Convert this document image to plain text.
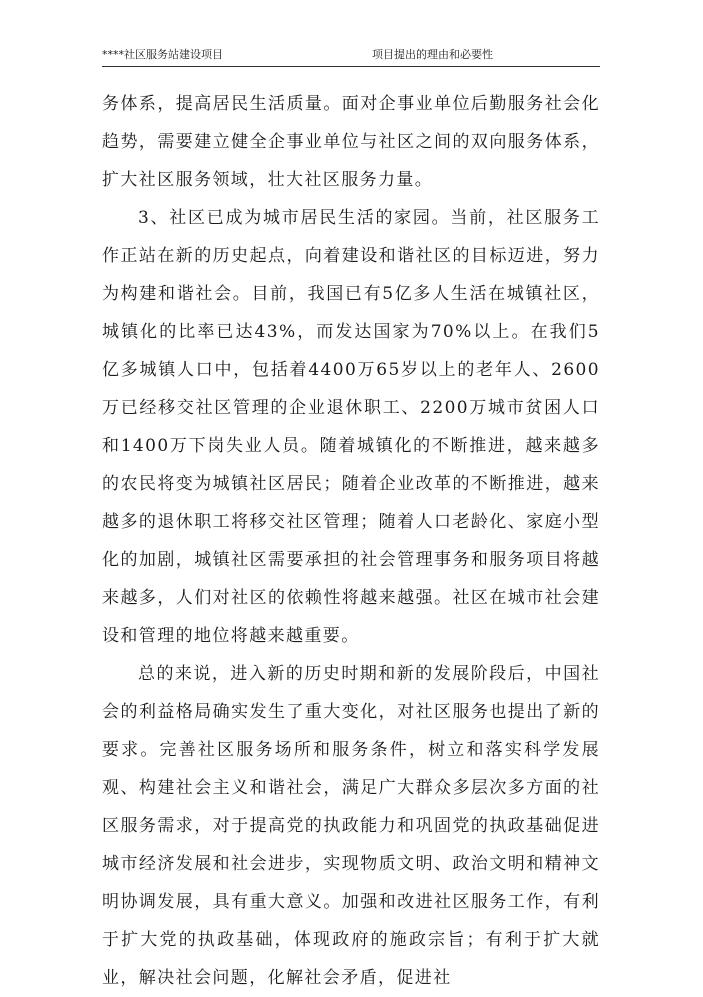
****社区服务站建设项目	项目提出的理由和必要性

务体系，提高居民生活质量。面对企事业单位后勤服务社会化趋势，需要建立健全企事业单位与社区之间的双向服务体系，扩大社区服务领域，壮大社区服务力量。

3、社区已成为城市居民生活的家园。当前，社区服务工作正站在新的历史起点，向着建设和谐社区的目标迈进，努力为构建和谐社会。目前，我国已有5亿多人生活在城镇社区，城镇化的比率已达43%，而发达国家为70%以上。在我们5亿多城镇人口中，包括着4400万65岁以上的老年人、2600万已经移交社区管理的企业退休职工、2200万城市贫困人口和1400万下岗失业人员。随着城镇化的不断推进，越来越多的农民将变为城镇社区居民；随着企业改革的不断推进，越来越多的退休职工将移交社区管理；随着人口老龄化、家庭小型化的加剧，城镇社区需要承担的社会管理事务和服务项目将越来越多，人们对社区的依赖性将越来越强。社区在城市社会建设和管理的地位将越来越重要。

总的来说，进入新的历史时期和新的发展阶段后，中国社会的利益格局确实发生了重大变化，对社区服务也提出了新的要求。完善社区服务场所和服务条件，树立和落实科学发展观、构建社会主义和谐社会，满足广大群众多层次多方面的社区服务需求，对于提高党的执政能力和巩固党的执政基础促进城市经济发展和社会进步，实现物质文明、政治文明和精神文明协调发展，具有重大意义。加强和改进社区服务工作，有利于扩大党的执政基础，体现政府的施政宗旨；有利于扩大就业，解决社会问题，化解社会矛盾，促进社
